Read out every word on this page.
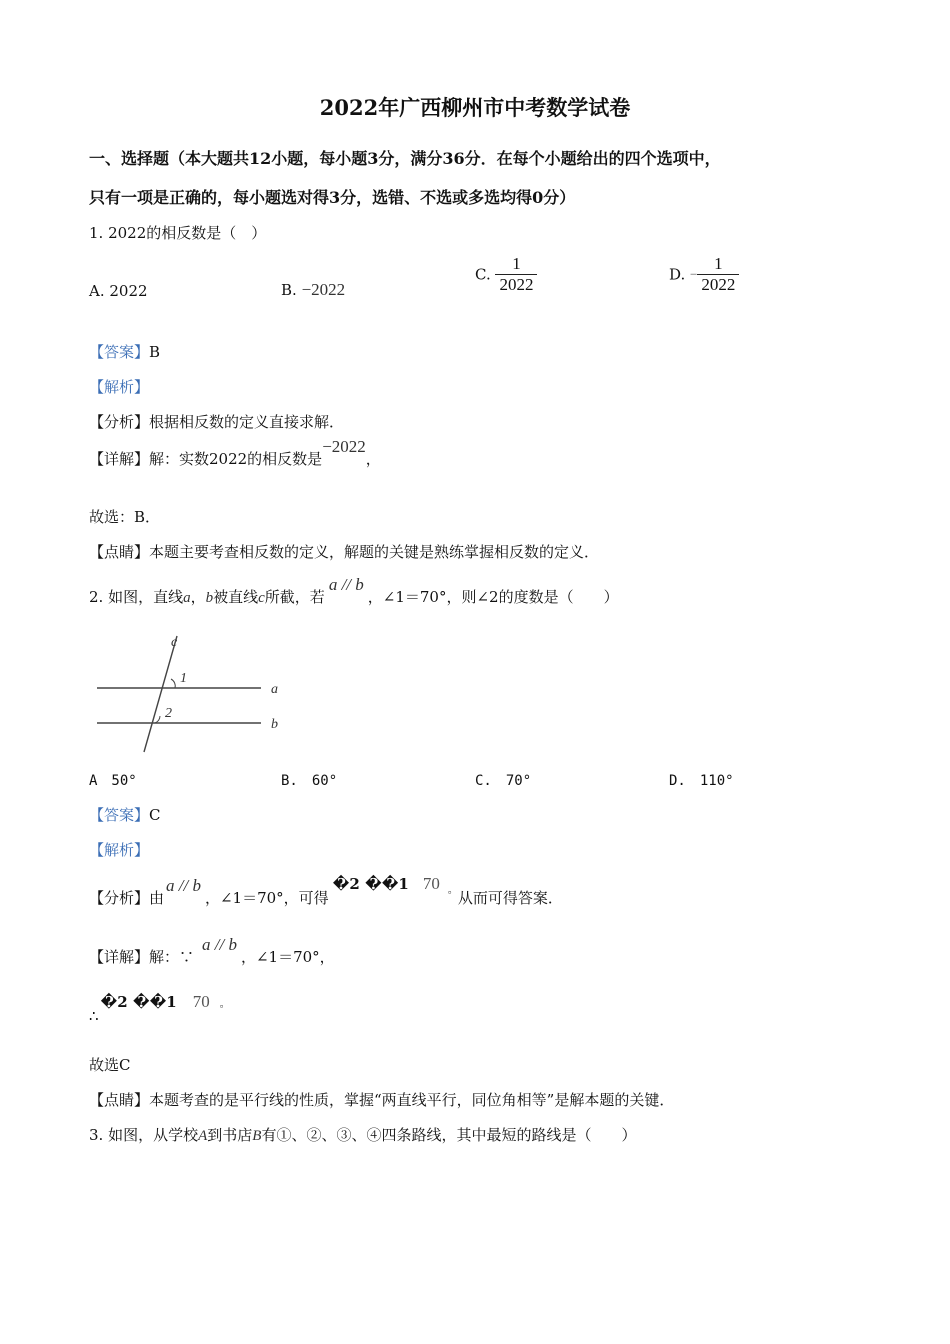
2022年广西柳州市中考数学试卷
一、选择题（本大题共12小题，每小题3分，满分36分．在每个小题给出的四个选项中，
只有一项是正确的，每小题选对得3分，选错、不选或多选均得0分）
1. 2022的相反数是（　）
A. 2022	B. −2022
C. $\frac{1}{2022}$	D. − $\frac{1}{2022}$
【答案】B
【解析】
【分析】根据相反数的定义直接求解．
【详解】解：实数2022的相反数是−2022，
故选：B．
【点睛】本题主要考查相反数的定义，解题的关键是熟练掌握相反数的定义．
2. 如图，直线a，b被直线c所截，若a // b，∠1＝70°，则∠2的度数是（　　）
c
1
2
a
b
A　50°	B.　60°	C.　70°	D.　110°
【答案】C
【解析】
【分析】由a // b，∠1＝70°，可得�2 ��1 70 。从而可得答案．
【详解】解：∵a // b，∠1＝70°，
∴�2 ��1 70 。
故选C
【点睛】本题考查的是平行线的性质，掌握“两直线平行，同位角相等”是解本题的关键．
3. 如图，从学校A到书店B有①、②、③、④四条路线，其中最短的路线是（　　）
